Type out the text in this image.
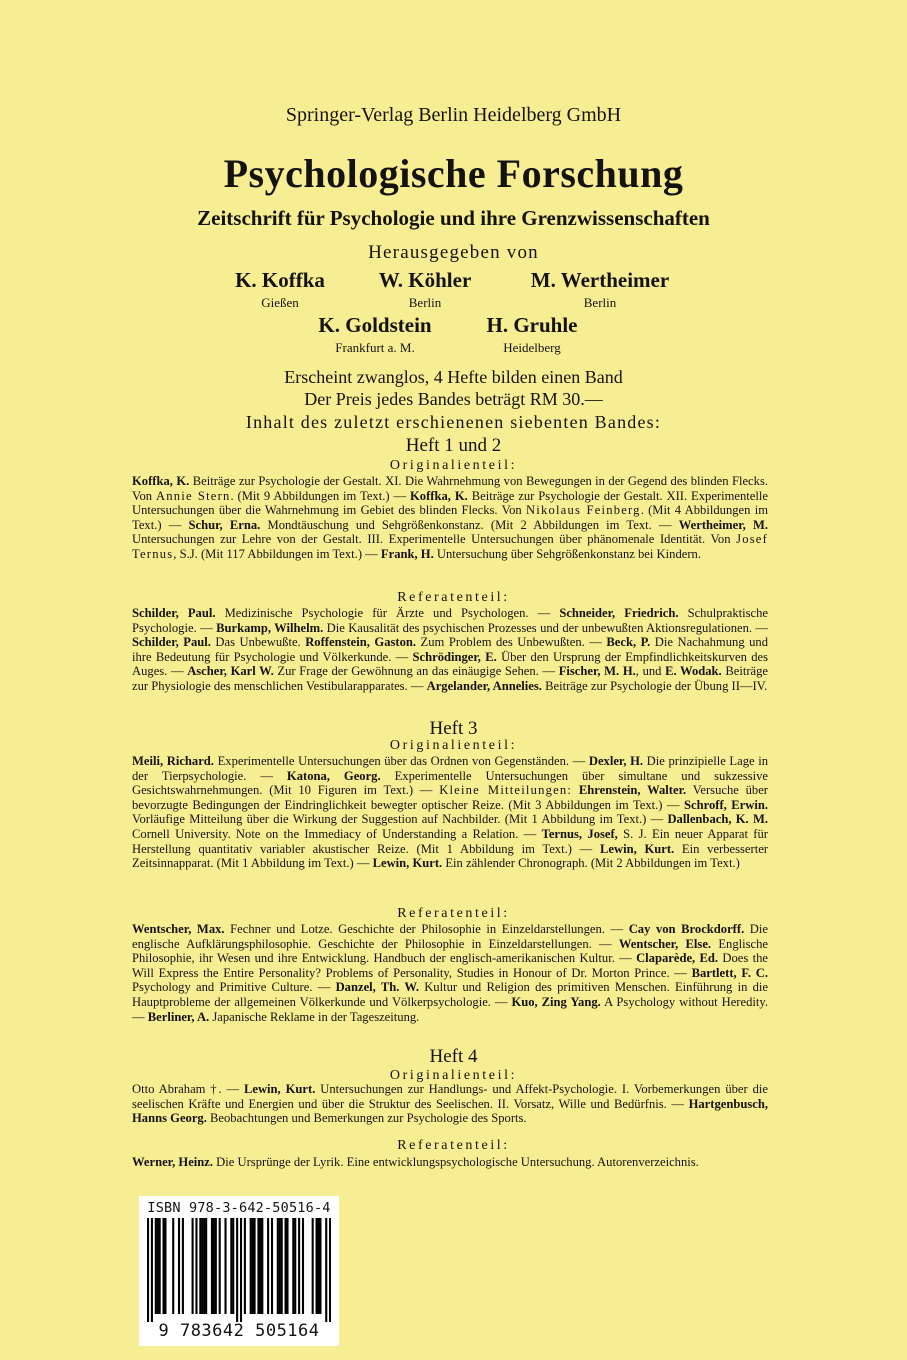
Springer-Verlag Berlin Heidelberg GmbH
Psychologische Forschung
Zeitschrift für Psychologie und ihre Grenzwissenschaften
Herausgegeben von
K. Koffka
Gießen
W. Köhler
Berlin
M. Wertheimer
Berlin
K. Goldstein
Frankfurt a. M.
H. Gruhle
Heidelberg
Erscheint zwanglos, 4 Hefte bilden einen Band
Der Preis jedes Bandes beträgt RM 30.—
Inhalt des zuletzt erschienenen siebenten Bandes:
Heft 1 und 2
Originalienteil:
Koffka, K. Beiträge zur Psychologie der Gestalt. XI. Die Wahrnehmung von Bewegungen in der Gegend des blinden Flecks. Von Annie Stern. (Mit 9 Abbildungen im Text.) — Koffka, K. Beiträge zur Psychologie der Gestalt. XII. Experimentelle Untersuchungen über die Wahrnehmung im Gebiet des blinden Flecks. Von Nikolaus Feinberg. (Mit 4 Abbildungen im Text.) — Schur, Erna. Mondtäuschung und Sehgrößenkonstanz. (Mit 2 Abbildungen im Text. — Wertheimer, M. Untersuchungen zur Lehre von der Gestalt. III. Experimentelle Untersuchungen über phänomenale Identität. Von Josef Ternus, S.J. (Mit 117 Abbildungen im Text.) — Frank, H. Untersuchung über Sehgrößenkonstanz bei Kindern.
Referatenteil:
Schilder, Paul. Medizinische Psychologie für Ärzte und Psychologen. — Schneider, Friedrich. Schulpraktische Psychologie. — Burkamp, Wilhelm. Die Kausalität des psychischen Prozesses und der unbewußten Aktionsregulationen. — Schilder, Paul. Das Unbewußte. Roffenstein, Gaston. Zum Problem des Unbewußten. — Beck, P. Die Nachahmung und ihre Bedeutung für Psychologie und Völkerkunde. — Schrödinger, E. Über den Ursprung der Empfindlichkeitskurven des Auges. — Ascher, Karl W. Zur Frage der Gewöhnung an das einäugige Sehen. — Fischer, M. H., und E. Wodak. Beiträge zur Physiologie des menschlichen Vestibularapparates. — Argelander, Annelies. Beiträge zur Psychologie der Übung II—IV.
Heft 3
Originalienteil:
Meili, Richard. Experimentelle Untersuchungen über das Ordnen von Gegenständen. — Dexler, H. Die prinzipielle Lage in der Tierpsychologie. — Katona, Georg. Experimentelle Untersuchungen über simultane und sukzessive Gesichtswahrnehmungen. (Mit 10 Figuren im Text.) — Kleine Mitteilungen: Ehrenstein, Walter. Versuche über bevorzugte Bedingungen der Eindringlichkeit bewegter optischer Reize. (Mit 3 Abbildungen im Text.) — Schroff, Erwin. Vorläufige Mitteilung über die Wirkung der Suggestion auf Nachbilder. (Mit 1 Abbildung im Text.) — Dallenbach, K. M. Cornell University. Note on the Immediacy of Understanding a Relation. — Ternus, Josef, S. J. Ein neuer Apparat für Herstellung quantitativ variabler akustischer Reize. (Mit 1 Abbildung im Text.) — Lewin, Kurt. Ein verbesserter Zeitsinnapparat. (Mit 1 Abbildung im Text.) — Lewin, Kurt. Ein zählender Chronograph. (Mit 2 Abbildungen im Text.)
Referatenteil:
Wentscher, Max. Fechner und Lotze. Geschichte der Philosophie in Einzeldarstellungen. — Cay von Brockdorff. Die englische Aufklärungsphilosophie. Geschichte der Philosophie in Einzeldarstellungen. — Wentscher, Else. Englische Philosophie, ihr Wesen und ihre Entwicklung. Handbuch der englisch-amerikanischen Kultur. — Claparède, Ed. Does the Will Express the Entire Personality? Problems of Personality, Studies in Honour of Dr. Morton Prince. — Bartlett, F. C. Psychology and Primitive Culture. — Danzel, Th. W. Kultur und Religion des primitiven Menschen. Einführung in die Hauptprobleme der allgemeinen Völkerkunde und Völkerpsychologie. — Kuo, Zing Yang. A Psychology without Heredity. — Berliner, A. Japanische Reklame in der Tageszeitung.
Heft 4
Originalienteil:
Otto Abraham †. — Lewin, Kurt. Untersuchungen zur Handlungs- und Affekt-Psychologie. I. Vorbemerkungen über die seelischen Kräfte und Energien und über die Struktur des Seelischen. II. Vorsatz, Wille und Bedürfnis. — Hartgenbusch, Hanns Georg. Beobachtungen und Bemerkungen zur Psychologie des Sports.
Referatenteil:
Werner, Heinz. Die Ursprünge der Lyrik. Eine entwicklungspsychologische Untersuchung. Autorenverzeichnis.
ISBN 978-3-642-50516-4
9 783642 505164
